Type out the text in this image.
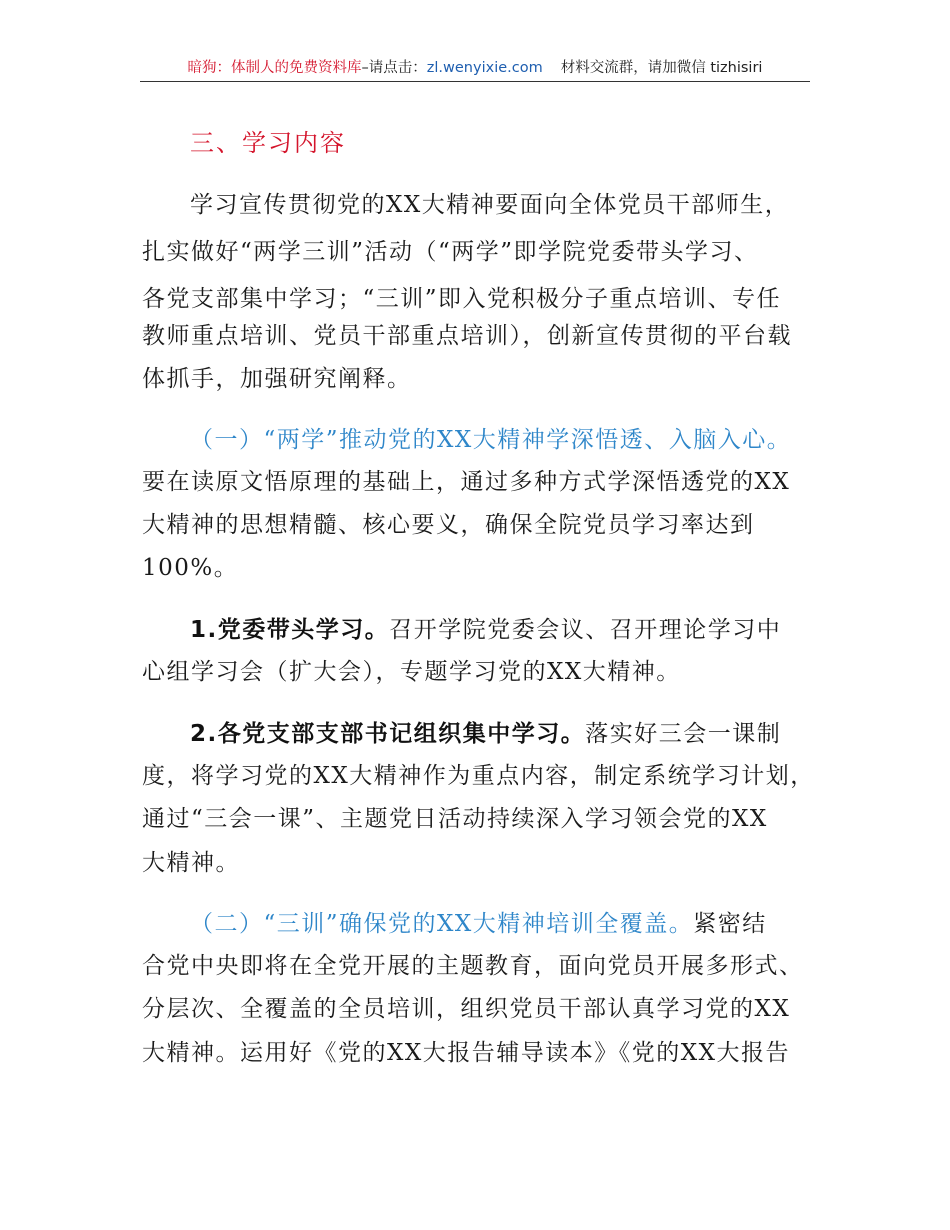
暗狗：体制人的免费资料库–请点击：zl.wenyixie.com 材料交流群，请加微信 tizhisiri
三、学习内容
学习宣传贯彻党的XX大精神要面向全体党员干部师生，
扎实做好“两学三训”活动（“两学”即学院党委带头学习、
各党支部集中学习；“三训”即入党积极分子重点培训、专任
教师重点培训、党员干部重点培训），创新宣传贯彻的平台载
体抓手，加强研究阐释。
（一）“两学”推动党的XX大精神学深悟透、入脑入心。
要在读原文悟原理的基础上，通过多种方式学深悟透党的XX
大精神的思想精髓、核心要义，确保全院党员学习率达到
100%。
1.党委带头学习。召开学院党委会议、召开理论学习中
心组学习会（扩大会），专题学习党的XX大精神。
2.各党支部支部书记组织集中学习。落实好三会一课制
度，将学习党的XX大精神作为重点内容，制定系统学习计划，
通过“三会一课”、主题党日活动持续深入学习领会党的XX
大精神。
（二）“三训”确保党的XX大精神培训全覆盖。紧密结
合党中央即将在全党开展的主题教育，面向党员开展多形式、
分层次、全覆盖的全员培训，组织党员干部认真学习党的XX
大精神。运用好《党的XX大报告辅导读本》《党的XX大报告
